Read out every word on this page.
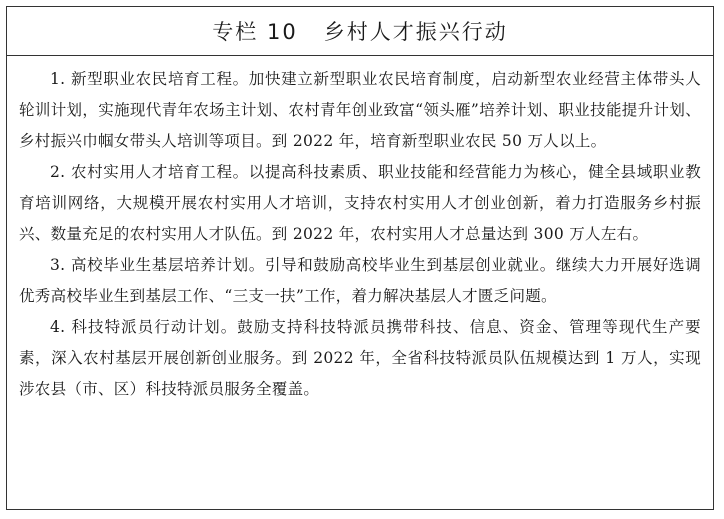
专栏 10   乡村人才振兴行动

1. 新型职业农民培育工程。加快建立新型职业农民培育制度，启动新型农业经营主体带头人轮训计划，实施现代青年农场主计划、农村青年创业致富“领头雁”培养计划、职业技能提升计划、乡村振兴巾帼女带头人培训等项目。到 2022 年，培育新型职业农民 50 万人以上。

2. 农村实用人才培育工程。以提高科技素质、职业技能和经营能力为核心，健全县域职业教育培训网络，大规模开展农村实用人才培训，支持农村实用人才创业创新，着力打造服务乡村振兴、数量充足的农村实用人才队伍。到 2022 年，农村实用人才总量达到 300 万人左右。

3. 高校毕业生基层培养计划。引导和鼓励高校毕业生到基层创业就业。继续大力开展好选调优秀高校毕业生到基层工作、“三支一扶”工作，着力解决基层人才匮乏问题。

4. 科技特派员行动计划。鼓励支持科技特派员携带科技、信息、资金、管理等现代生产要素，深入农村基层开展创新创业服务。到 2022 年，全省科技特派员队伍规模达到 1 万人，实现涉农县（市、区）科技特派员服务全覆盖。
